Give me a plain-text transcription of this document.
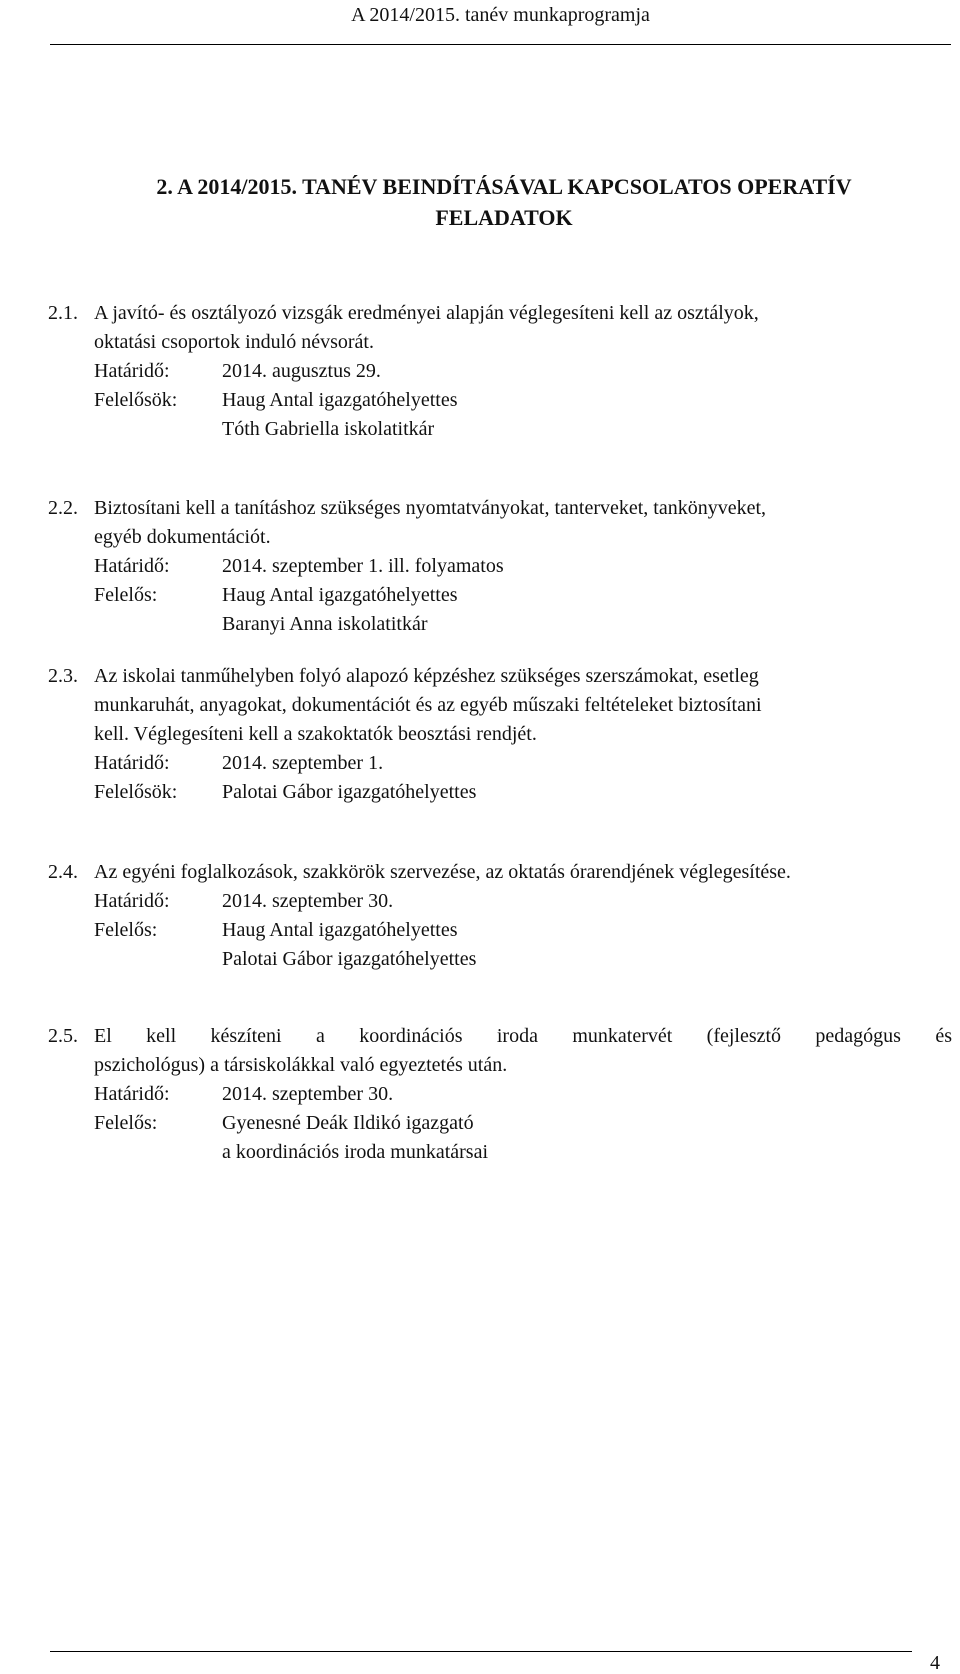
A 2014/2015. tanév munkaprogramja
2. A 2014/2015. TANÉV BEINDÍTÁSÁVAL KAPCSOLATOS OPERATÍV
FELADATOK
2.1. A javító- és osztályozó vizsgák eredményei alapján véglegesíteni kell az osztályok,
oktatási csoportok induló névsorát.
Határidő:	2014. augusztus 29.
Felelősök: Haug Antal igazgatóhelyettes
Tóth Gabriella iskolatitkár
2.2. Biztosítani kell a tanításhoz szükséges nyomtatványokat, tanterveket, tankönyveket,
egyéb dokumentációt.
Határidő:	2014. szeptember 1. ill. folyamatos
Felelős:	Haug Antal igazgatóhelyettes
Baranyi Anna iskolatitkár
2.3. Az iskolai tanműhelyben folyó alapozó képzéshez szükséges szerszámokat, esetleg
munkaruhát, anyagokat, dokumentációt és az egyéb műszaki feltételeket biztosítani
kell. Véglegesíteni kell a szakoktatók beosztási rendjét.
Határidő:	2014. szeptember 1.
Felelősök: Palotai Gábor igazgatóhelyettes
2.4. Az egyéni foglalkozások, szakkörök szervezése, az oktatás órarendjének véglegesítése.
Határidő:	2014. szeptember 30.
Felelős:	Haug Antal igazgatóhelyettes
Palotai Gábor igazgatóhelyettes
2.5. El kell készíteni a koordinációs iroda munkatervét (fejlesztő pedagógus és
pszichológus) a társiskolákkal való egyeztetés után.
Határidő:	2014. szeptember 30.
Felelős:	Gyenesné Deák Ildikó igazgató
a koordinációs iroda munkatársai
4
